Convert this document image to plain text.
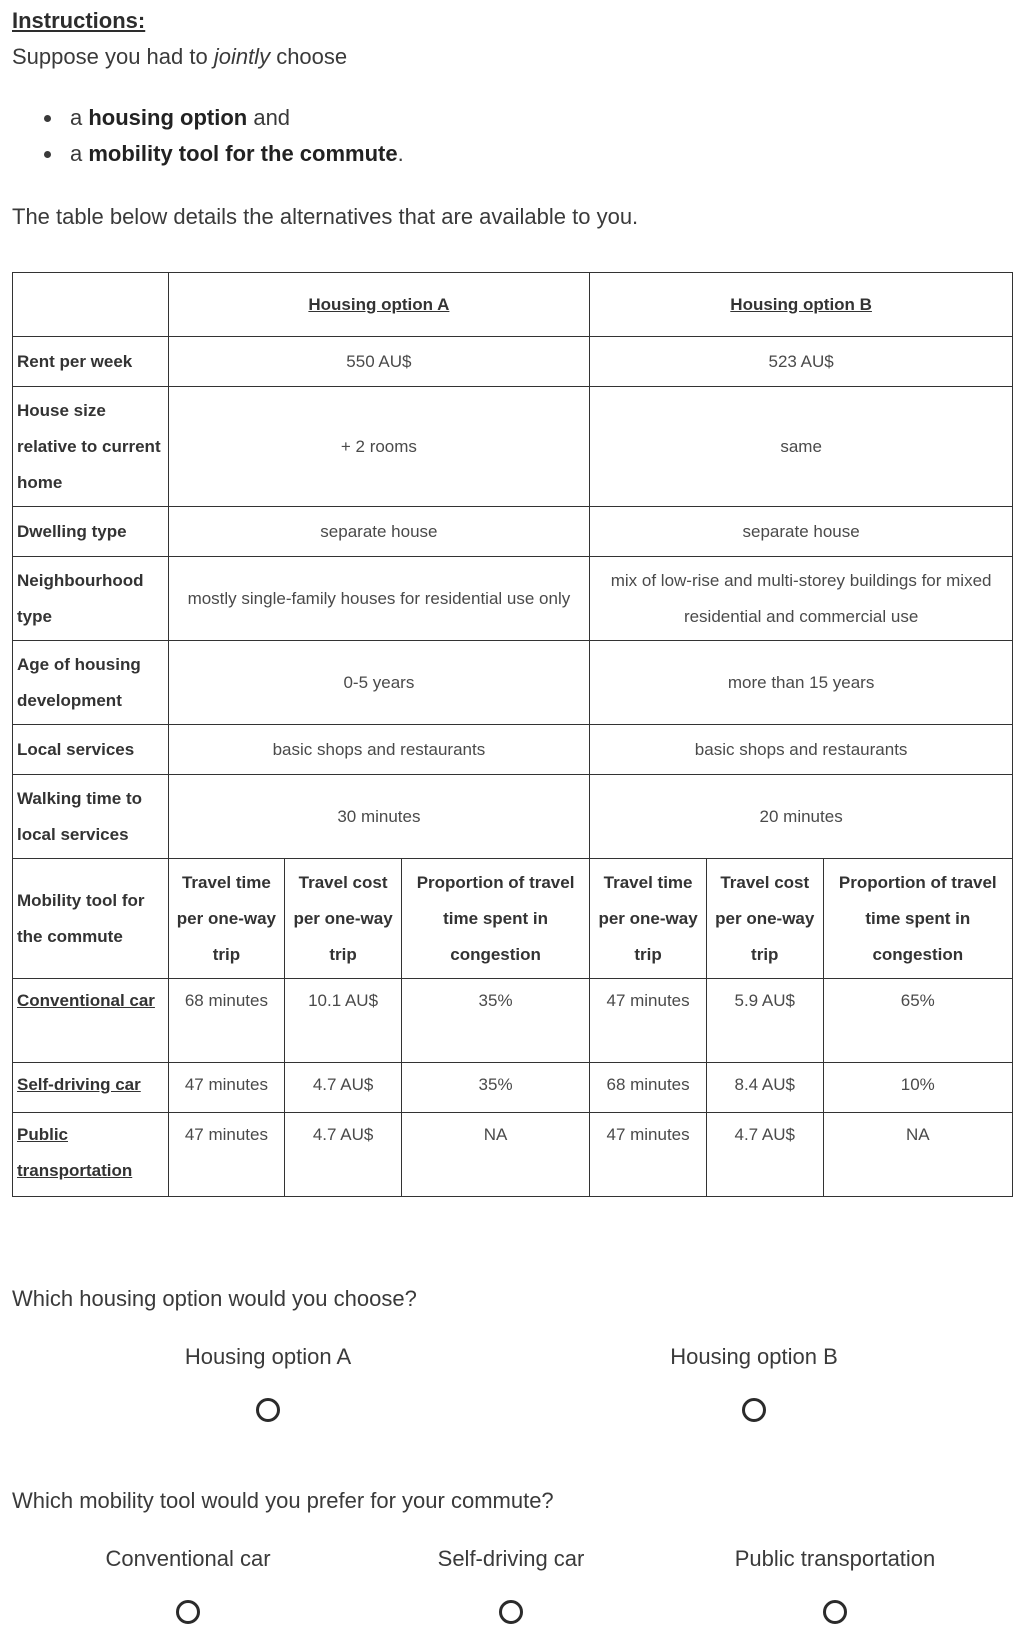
Instructions:
Suppose you had to jointly choose
• a housing option and
• a mobility tool for the commute.
The table below details the alternatives that are available to you.
	Housing option A			Housing option B		
Rent per week	550 AU$			523 AU$		
House size relative to current home	+ 2 rooms			same		
Dwelling type	separate house			separate house		
Neighbourhood type	mostly single-family houses for residential use only			mix of low-rise and multi-storey buildings for mixed residential and commercial use		
Age of housing development	0-5 years			more than 15 years		
Local services	basic shops and restaurants			basic shops and restaurants		
Walking time to local services	30 minutes			20 minutes		
Mobility tool for the commute	Travel time per one-way trip	Travel cost per one-way trip	Proportion of travel time spent in congestion	Travel time per one-way trip	Travel cost per one-way trip	Proportion of travel time spent in congestion
Conventional car	68 minutes	10.1 AU$	35%	47 minutes	5.9 AU$	65%
Self-driving car	47 minutes	4.7 AU$	35%	68 minutes	8.4 AU$	10%
Public transportation	47 minutes	4.7 AU$	NA	47 minutes	4.7 AU$	NA
Which housing option would you choose?
Housing option A	Housing option B
Which mobility tool would you prefer for your commute?
Conventional car	Self-driving car	Public transportation
